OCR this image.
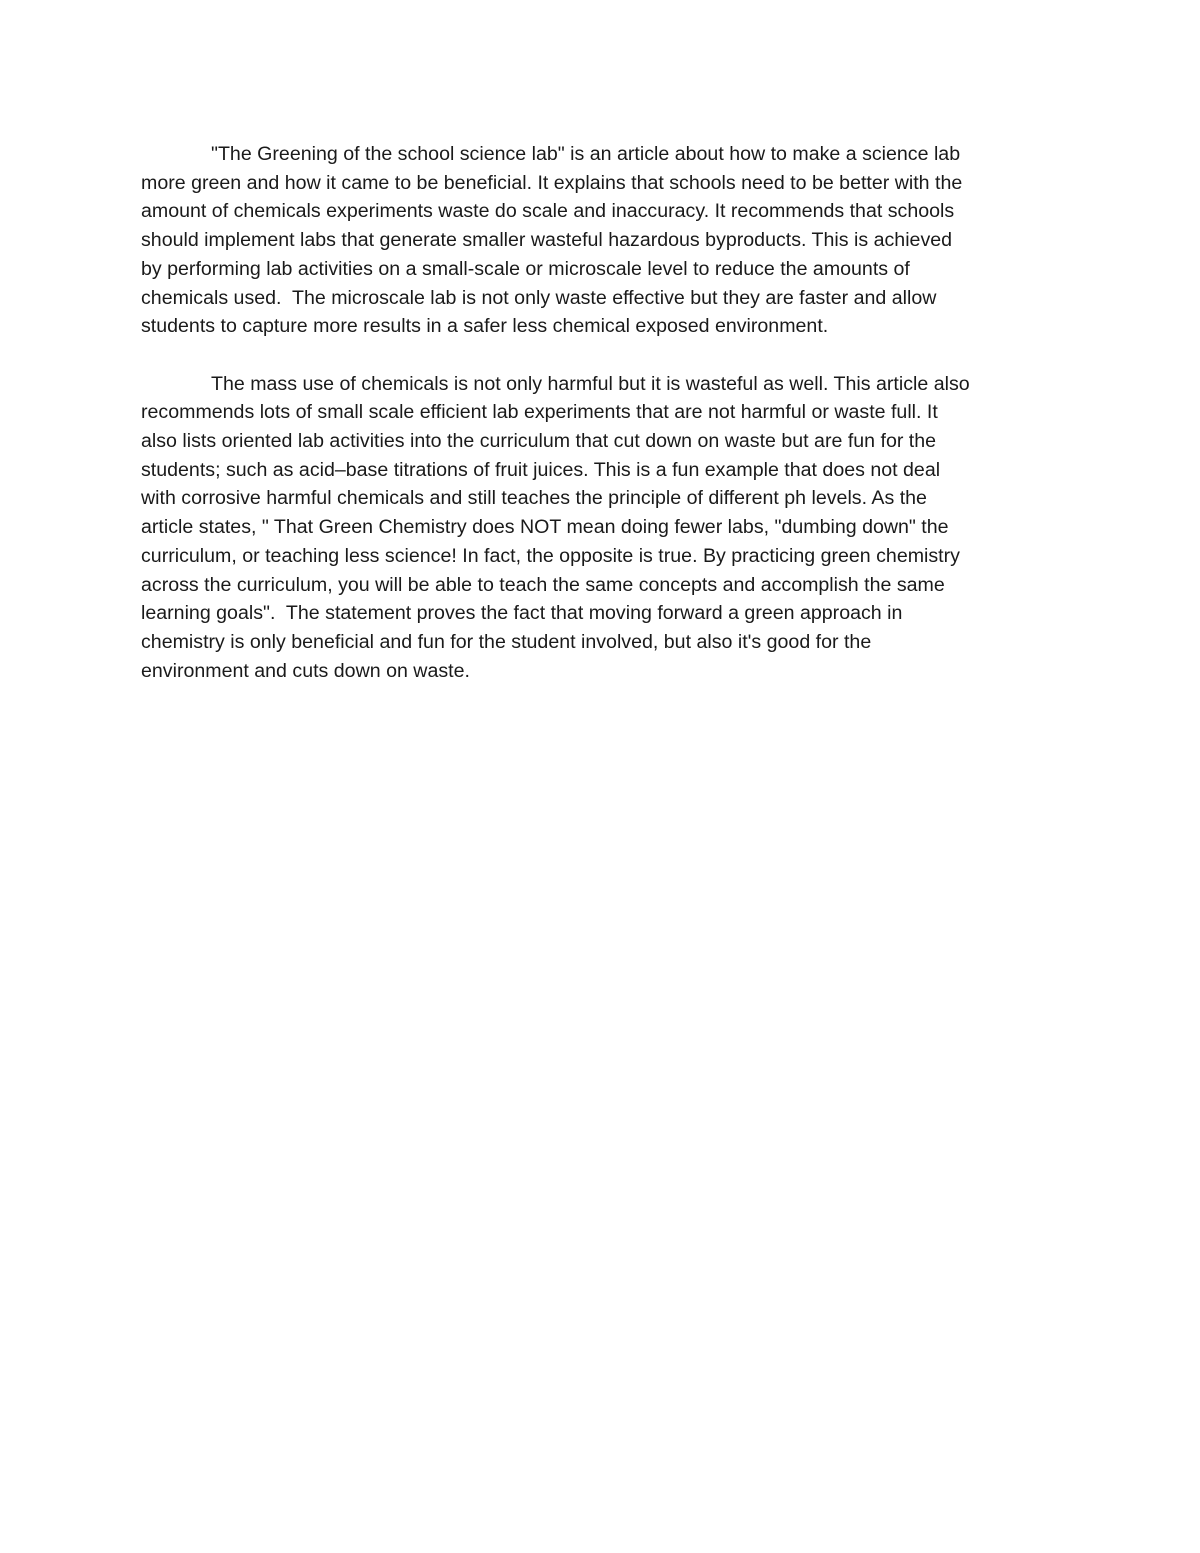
"The Greening of the school science lab" is an article about how to make a science lab
more green and how it came to be beneficial. It explains that schools need to be better with the
amount of chemicals experiments waste do scale and inaccuracy. It recommends that schools
should implement labs that generate smaller wasteful hazardous byproducts. This is achieved
by performing lab activities on a small-scale or microscale level to reduce the amounts of
chemicals used.  The microscale lab is not only waste effective but they are faster and allow
students to capture more results in a safer less chemical exposed environment.

The mass use of chemicals is not only harmful but it is wasteful as well. This article also
recommends lots of small scale efficient lab experiments that are not harmful or waste full. It
also lists oriented lab activities into the curriculum that cut down on waste but are fun for the
students; such as acid–base titrations of fruit juices. This is a fun example that does not deal
with corrosive harmful chemicals and still teaches the principle of different ph levels. As the
article states, " That Green Chemistry does NOT mean doing fewer labs, "dumbing down" the
curriculum, or teaching less science! In fact, the opposite is true. By practicing green chemistry
across the curriculum, you will be able to teach the same concepts and accomplish the same
learning goals".  The statement proves the fact that moving forward a green approach in
chemistry is only beneficial and fun for the student involved, but also it's good for the
environment and cuts down on waste.
